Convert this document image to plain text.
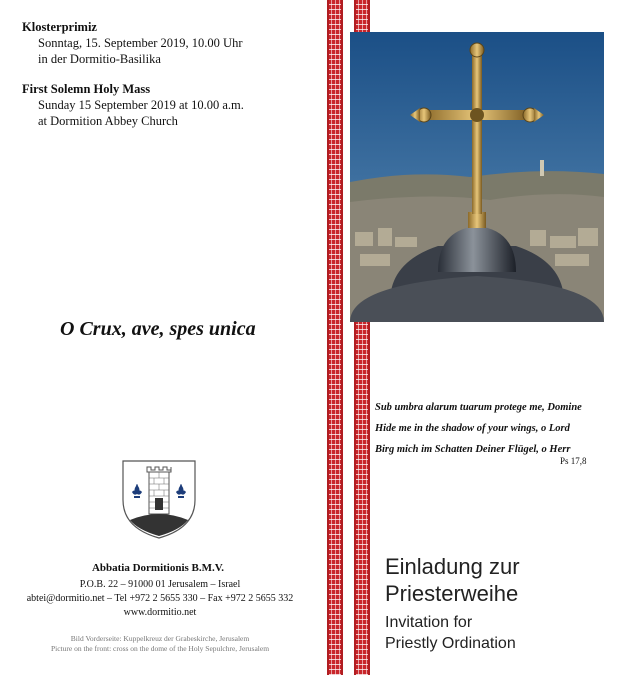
Klosterprimiz
Sonntag, 15. September 2019, 10.00 Uhr
in der Dormitio-Basilika
First Solemn Holy Mass
Sunday 15 September 2019 at 10.00 a.m.
at Dormition Abbey Church
O Crux, ave, spes unica
Abbatia Dormitionis B.M.V.
P.O.B. 22 – 91000 01 Jerusalem – Israel
abtei@dormitio.net – Tel +972 2 5655 330 – Fax +972 2 5655 332
www.dormitio.net
Bild Vorderseite: Kuppelkreuz der Grabeskirche, Jerusalem
Picture on the front: cross on the dome of the Holy Sepulchre, Jerusalem
Sub umbra alarum tuarum protege me, Domine
Hide me in the shadow of your wings, o Lord
Birg mich im Schatten Deiner Flügel, o Herr
Ps 17,8
Einladung zur
Priesterweihe
Invitation for
Priestly Ordination
